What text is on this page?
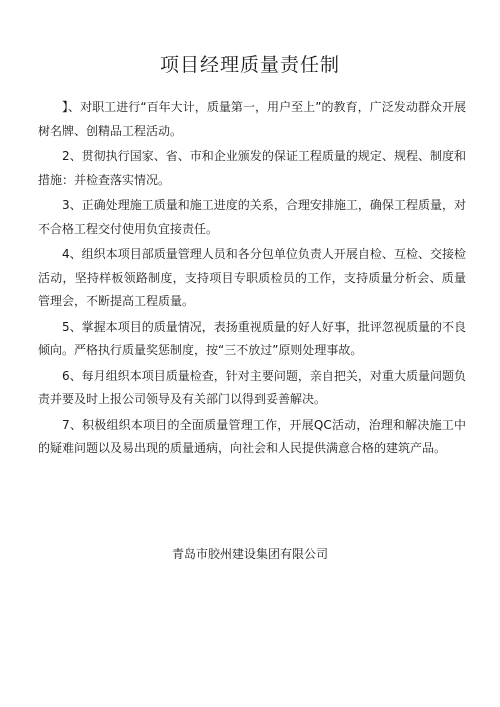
项目经理质量责任制

】、对职工进行“百年大计，质量第一，用户至上”的教育，广泛发动群众开展树名牌、创精品工程活动。

2、贯彻执行国家、省、市和企业颁发的保证工程质量的规定、规程、制度和措施：并检查落实情况。

3、正确处理施工质量和施工进度的关系，合理安排施工，确保工程质量，对不合格工程交付使用负宜接责任。

4、组织本项目部质量管理人员和各分包单位负责人开展自检、互检、交接检活动，坚持样板领路制度，支持项目专职质检员的工作，支持质量分析会、质量管理会，不断提高工程质量。

5、掌握本项目的质量情况，表扬重视质量的好人好事，批评忽视质量的不良倾向。严格执行质量奖惩制度，按“三不放过”原则处理事故。

6、每月组织本项目质量检查，针对主要问题，亲自把关，对重大质量问题负责并要及时上报公司领导及有关部门以得到妥善解决。

7、积极组织本项目的全面质量管理工作，开展QC活动，治理和解决施工中的疑难问题以及易出现的质量通病，向社会和人民提供满意合格的建筑产品。

青岛市胶州建设集团有限公司
